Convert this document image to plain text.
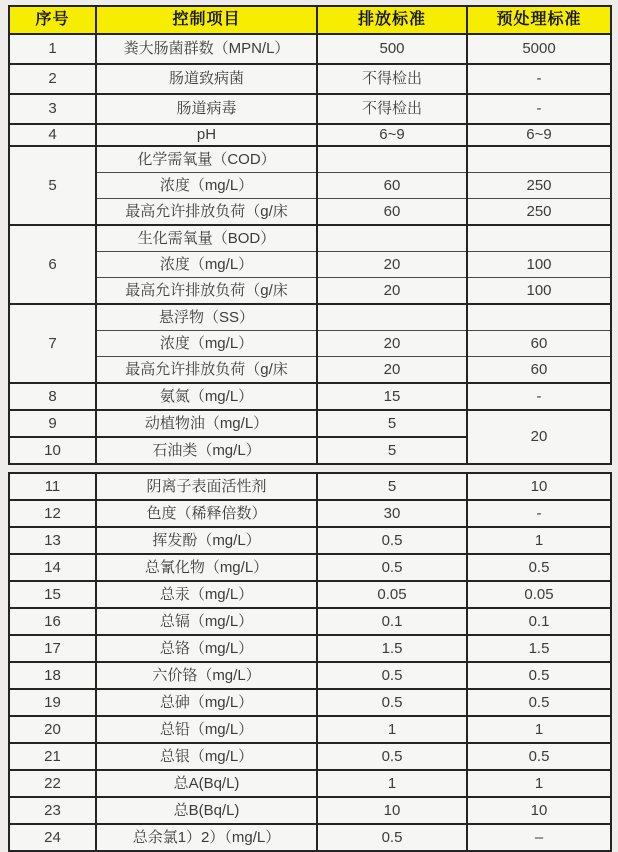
序号	控制项目	排放标准	预处理标准
1	粪大肠菌群数（MPN/L）	500	5000
2	肠道致病菌	不得检出	-
3	肠道病毒	不得检出	-
4	pH	6~9	6~9
5	化学需氧量（COD）		
	浓度（mg/L）	60	250
	最高允许排放负荷（g/床	60	250
6	生化需氧量（BOD）		
	浓度（mg/L）	20	100
	最高允许排放负荷（g/床	20	100
7	悬浮物（SS）		
	浓度（mg/L）	20	60
	最高允许排放负荷（g/床	20	60
8	氨氮（mg/L）	15	-
9	动植物油（mg/L）	5	20
10	石油类（mg/L）	5	
11	阴离子表面活性剂	5	10
12	色度（稀释倍数）	30	-
13	挥发酚（mg/L）	0.5	1
14	总氰化物（mg/L）	0.5	0.5
15	总汞（mg/L）	0.05	0.05
16	总镉（mg/L）	0.1	0.1
17	总铬（mg/L）	1.5	1.5
18	六价铬（mg/L）	0.5	0.5
19	总砷（mg/L）	0.5	0.5
20	总铅（mg/L）	1	1
21	总银（mg/L）	0.5	0.5
22	总A(Bq/L)	1	1
23	总B(Bq/L)	10	10
24	总余氯1）2）（mg/L）	0.5	–
